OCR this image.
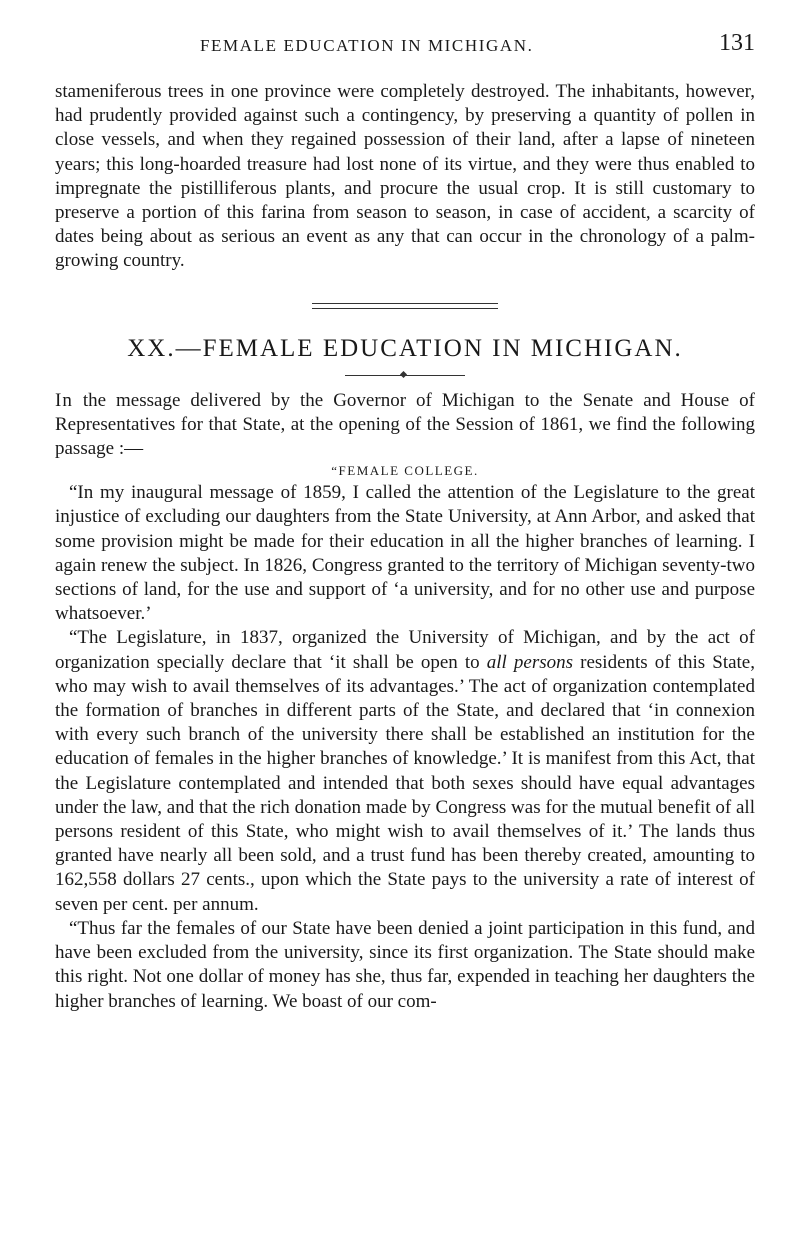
FEMALE EDUCATION IN MICHIGAN.	131

stameniferous trees in one province were completely destroyed. The inhabitants, however, had prudently provided against such a contingency, by preserving a quantity of pollen in close vessels, and when they regained possession of their land, after a lapse of nineteen years; this long-hoarded treasure had lost none of its virtue, and they were thus enabled to impregnate the pistilliferous plants, and procure the usual crop. It is still customary to preserve a portion of this farina from season to season, in case of accident, a scarcity of dates being about as serious an event as any that can occur in the chronology of a palm-growing country.

XX.—FEMALE EDUCATION IN MICHIGAN.

In the message delivered by the Governor of Michigan to the Senate and House of Representatives for that State, at the opening of the Session of 1861, we find the following passage :—

“FEMALE COLLEGE.

“In my inaugural message of 1859, I called the attention of the Legislature to the great injustice of excluding our daughters from the State University, at Ann Arbor, and asked that some provision might be made for their education in all the higher branches of learning. I again renew the subject. In 1826, Congress granted to the territory of Michigan seventy-two sections of land, for the use and support of ‘a university, and for no other use and purpose whatsoever.’

“The Legislature, in 1837, organized the University of Michigan, and by the act of organization specially declare that ‘it shall be open to all persons residents of this State, who may wish to avail themselves of its advantages.’ The act of organization contemplated the formation of branches in different parts of the State, and declared that ‘in connexion with every such branch of the university there shall be established an institution for the education of females in the higher branches of knowledge.’ It is manifest from this Act, that the Legislature contemplated and intended that both sexes should have equal advantages under the law, and that the rich donation made by Congress was for the mutual benefit of all persons resident of this State, who might wish to avail themselves of it.’ The lands thus granted have nearly all been sold, and a trust fund has been thereby created, amounting to 162,558 dollars 27 cents., upon which the State pays to the university a rate of interest of seven per cent. per annum.

“Thus far the females of our State have been denied a joint participation in this fund, and have been excluded from the university, since its first organization. The State should make this right. Not one dollar of money has she, thus far, expended in teaching her daughters the higher branches of learning. We boast of our com-
